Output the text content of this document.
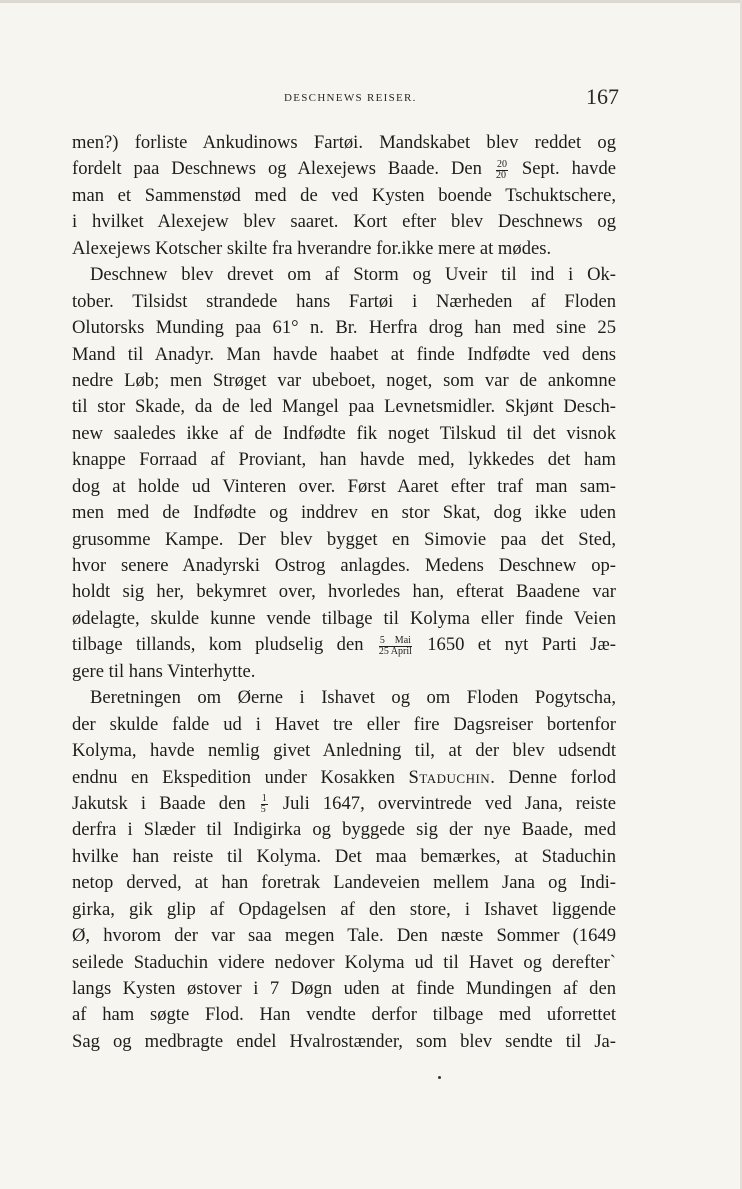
DESCHNEWS REISER.	167
men?) forliste Ankudinows Fartøi. Mandskabet blev reddet og
fordelt paa Deschnews og Alexejews Baade. Den $\frac{20}{20}$ Sept. havde
man et Sammenstød med de ved Kysten boende Tschuktschere,
i hvilket Alexejew blev saaret. Kort efter blev Deschnews og
Alexejews Kotscher skilte fra hverandre for.ikke mere at mødes.
Deschnew blev drevet om af Storm og Uveir til ind i Ok-
tober. Tilsidst strandede hans Fartøi i Nærheden af Floden
Olutorsks Munding paa 61° n. Br. Herfra drog han med sine 25
Mand til Anadyr. Man havde haabet at finde Indfødte ved dens
nedre Løb; men Strøget var ubeboet, noget, som var de ankomne
til stor Skade, da de led Mangel paa Levnetsmidler. Skjønt Desch-
new saaledes ikke af de Indfødte fik noget Tilskud til det visnok
knappe Forraad af Proviant, han havde med, lykkedes det ham
dog at holde ud Vinteren over. Først Aaret efter traf man sam-
men med de Indfødte og inddrev en stor Skat, dog ikke uden
grusomme Kampe. Der blev bygget en Simovie paa det Sted,
hvor senere Anadyrski Ostrog anlagdes. Medens Deschnew op-
holdt sig her, bekymret over, hvorledes han, efterat Baadene var
ødelagte, skulde kunne vende tilbage til Kolyma eller finde Veien
tilbage tillands, kom pludselig den $\frac{\text{5 Mai}}{\text{25 April}} 1650$ et nyt Parti Jæ-
gere til hans Vinterhytte.
Beretningen om Øerne i Ishavet og om Floden Pogytscha,
der skulde falde ud i Havet tre eller fire Dagsreiser bortenfor
Kolyma, havde nemlig givet Anledning til, at der blev udsendt
endnu en Ekspedition under Kosakken Staduchin. Denne forlod
Jakutsk i Baade den $\frac{1}{5}$ Juli 1647, overvintrede ved Jana, reiste
derfra i Slæder til Indigirka og byggede sig der nye Baade, med
hvilke han reiste til Kolyma. Det maa bemærkes, at Staduchin
netop derved, at han foretrak Landeveien mellem Jana og Indi-
girka, gik glip af Opdagelsen af den store, i Ishavet liggende
Ø, hvorom der var saa megen Tale. Den næste Sommer (1649
seilede Staduchin videre nedover Kolyma ud til Havet og derefter`
langs Kysten østover i 7 Døgn uden at finde Mundingen af den
af ham søgte Flod. Han vendte derfor tilbage med uforrettet
Sag og medbragte endel Hvalrostænder, som blev sendte til Ja-
